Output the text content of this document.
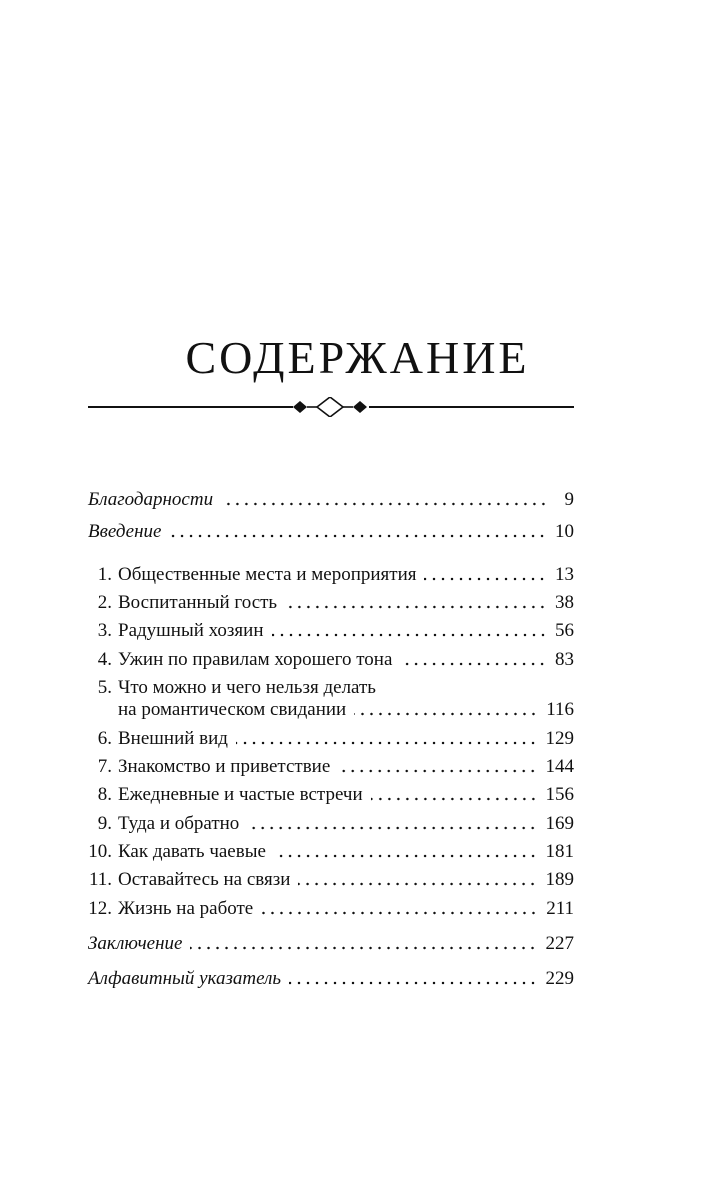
СОДЕРЖАНИЕ
Благодарности	9
Введение	10
1. Общественные места и мероприятия	13
2. Воспитанный гость	38
3. Радушный хозяин	56
4. Ужин по правилам хорошего тона	83
5. Что можно и чего нельзя делать
на романтическом свидании	116
6. Внешний вид	129
7. Знакомство и приветствие	144
8. Ежедневные и частые встречи	156
9. Туда и обратно	169
10. Как давать чаевые	181
11. Оставайтесь на связи	189
12. Жизнь на работе	211
Заключение	227
Алфавитный указатель	229
